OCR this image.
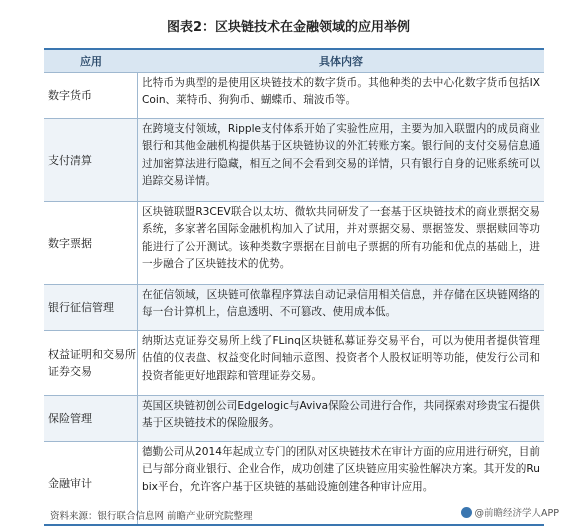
图表2：区块链技术在金融领域的应用举例
应用	具体内容
数字货币
比特币为典型的是使用区块链技术的数字货币。其他种类的去中心化数字货币包括IXCoin、莱特币、狗狗币、蝴蝶币、瑞波币等。
支付清算
在跨境支付领域，Ripple支付体系开始了实验性应用，主要为加入联盟内的成员商业银行和其他金融机构提供基于区块链协议的外汇转账方案。银行间的支付交易信息通过加密算法进行隐藏，相互之间不会看到交易的详情，只有银行自身的记账系统可以追踪交易详情。
数字票据
区块链联盟R3CEV联合以太坊、微软共同研发了一套基于区块链技术的商业票据交易系统，多家著名国际金融机构加入了试用，并对票据交易、票据签发、票据赎回等功能进行了公开测试。该种类数字票据在目前电子票据的所有功能和优点的基础上，进一步融合了区块链技术的优势。
银行征信管理
在征信领域，区块链可依靠程序算法自动记录信用相关信息，并存储在区块链网络的每一台计算机上，信息透明、不可篡改、使用成本低。
权益证明和交易所证券交易
纳斯达克证券交易所上线了FLinq区块链私募证券交易平台，可以为使用者提供管理估值的仪表盘、权益变化时间轴示意图、投资者个人股权证明等功能，使发行公司和投资者能更好地跟踪和管理证券交易。
保险管理
英国区块链初创公司Edgelogic与Aviva保险公司进行合作，共同探索对珍贵宝石提供基于区块链技术的保险服务。
金融审计
德勤公司从2014年起成立专门的团队对区块链技术在审计方面的应用进行研究，目前已与部分商业银行、企业合作，成功创建了区块链应用实验性解决方案。其开发的Rubix平台，允许客户基于区块链的基础设施创建各种审计应用。
资料来源：银行联合信息网 前瞻产业研究院整理	@前瞻经济学人APP
